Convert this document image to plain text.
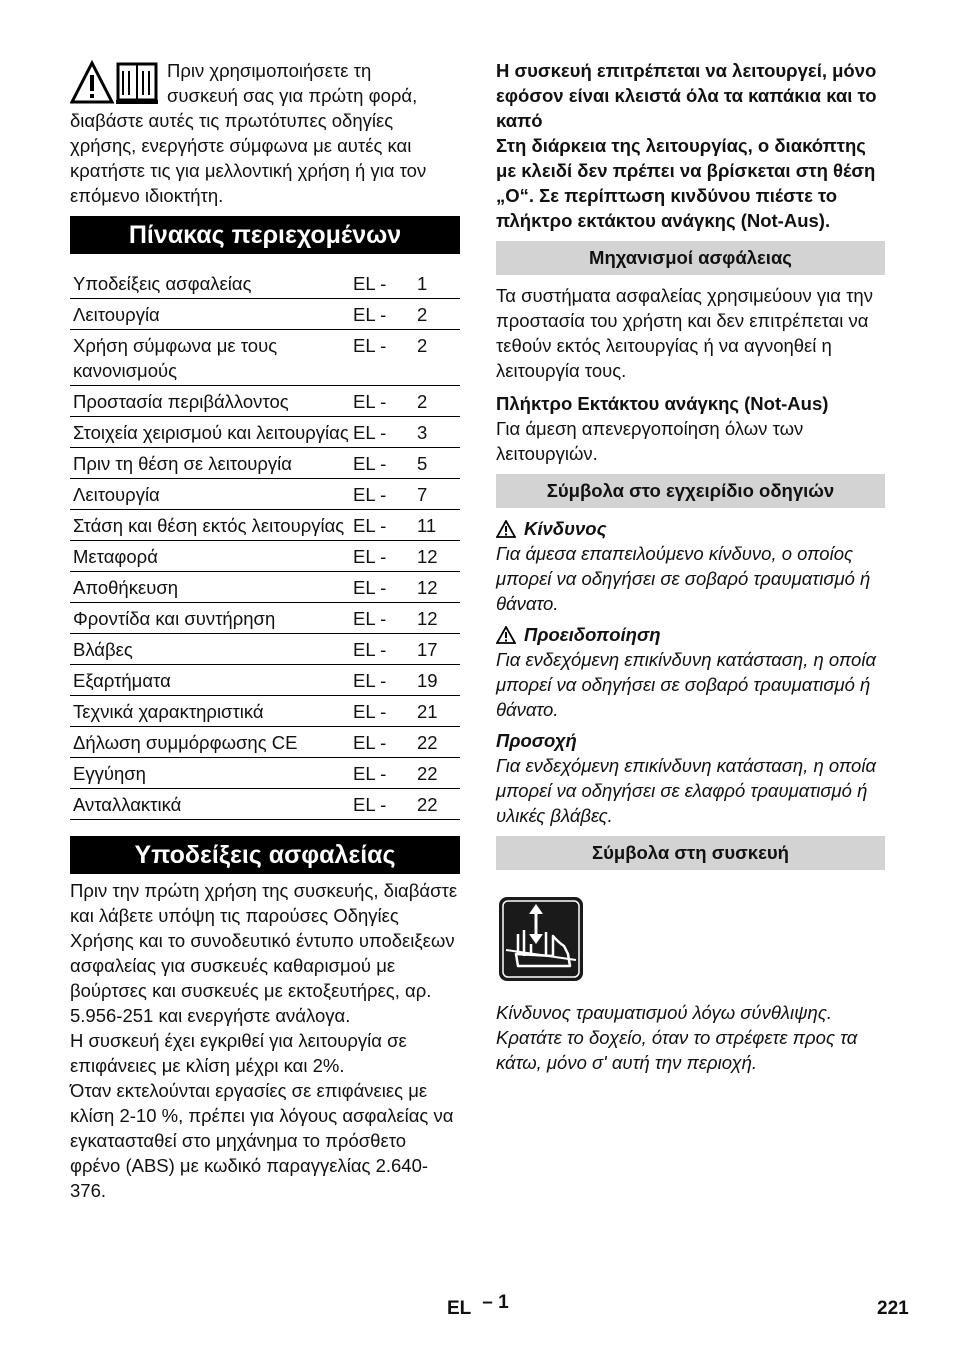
Πριν χρησιμοποιήσετε τη

συσκευή σας για πρώτη φορά,

διαβάστε αυτές τις πρωτότυπες οδηγίες χρήσης, ενεργήστε σύμφωνα με αυτές και κρατήστε τις για μελλοντική χρήση ή για τον επόμενο ιδιοκτήτη.

Πίνακας περιεχομένων
Υποδείξεις ασφαλείας	EL -	1
Λειτουργία	EL -	2
Χρήση σύμφωνα με τους κανονισμούς
EL -	2
Προστασία περιβάλλοντος	EL -	2
Στοιχεία χειρισμού και λειτουργίας EL -	3
Πριν τη θέση σε λειτουργία	EL -	5
Λειτουργία	EL -	7
Στάση και θέση εκτός λειτουργίας EL -	11
Μεταφορά	EL -	12
Αποθήκευση	EL -	12
Φροντίδα και συντήρηση	EL -	12
Βλάβες	EL -	17
Εξαρτήματα	EL -	19
Τεχνικά χαρακτηριστικά	EL -	21
Δήλωση συμμόρφωσης CE	EL -	22
Εγγύηση	EL -	22
Ανταλλακτικά	EL -	22
Υποδείξεις ασφαλείας

Πριν την πρώτη χρήση της συσκευής, διαβάστε και λάβετε υπόψη τις παρούσες Οδηγίες Χρήσης και το συνοδευτικό έντυπο υποδειξεων ασφαλείας για συσκευές καθαρισμού με βούρτσες και συσκευές με εκτοξευτήρες, αρ. 5.956-251 και ενεργήστε ανάλογα.

Η συσκευή έχει εγκριθεί για λειτουργία σε επιφάνειες με κλίση μέχρι και 2%.

Όταν εκτελούνται εργασίες σε επιφάνειες με κλίση 2-10 %, πρέπει για λόγους ασφαλείας να εγκατασταθεί στο μηχάνημα το πρόσθετο φρένο (ABS) με κωδικό παραγγελίας 2.640-376.

Η συσκευή επιτρέπεται να λειτουργεί, μόνο εφόσον είναι κλειστά όλα τα καπάκια και το καπό

Στη διάρκεια της λειτουργίας, ο διακόπτης με κλειδί δεν πρέπει να βρίσκεται στη θέση „O“. Σε περίπτωση κινδύνου πιέστε το πλήκτρο εκτάκτου ανάγκης (Not-Aus).

Μηχανισμοί ασφάλειας

Τα συστήματα ασφαλείας χρησιμεύουν για την προστασία του χρήστη και δεν επιτρέπεται να τεθούν εκτός λειτουργίας ή να αγνοηθεί η λειτουργία τους.

Πλήκτρο Εκτάκτου ανάγκης (Not-Aus)

Για άμεση απενεργοποίηση όλων των λειτουργιών.

Σύμβολα στο εγχειρίδιο οδηγιών
Κίνδυνος

Για άμεσα επαπειλούμενο κίνδυνο, ο οποίος μπορεί να οδηγήσει σε σοβαρό τραυματισμό ή θάνατο.

Προειδοποίηση

Για ενδεχόμενη επικίνδυνη κατάσταση, η οποία μπορεί να οδηγήσει σε σοβαρό τραυματισμό ή θάνατο.

Προσοχή

Για ενδεχόμενη επικίνδυνη κατάσταση, η οποία μπορεί να οδηγήσει σε ελαφρό τραυματισμό ή υλικές βλάβες.

Σύμβολα στη συσκευή

Κίνδυνος τραυματισμού λόγω σύνθλιψης. Κρατάτε το δοχείο, όταν το στρέφετε προς τα κάτω, μόνο σ' αυτή την περιοχή.

EL – 1	221
